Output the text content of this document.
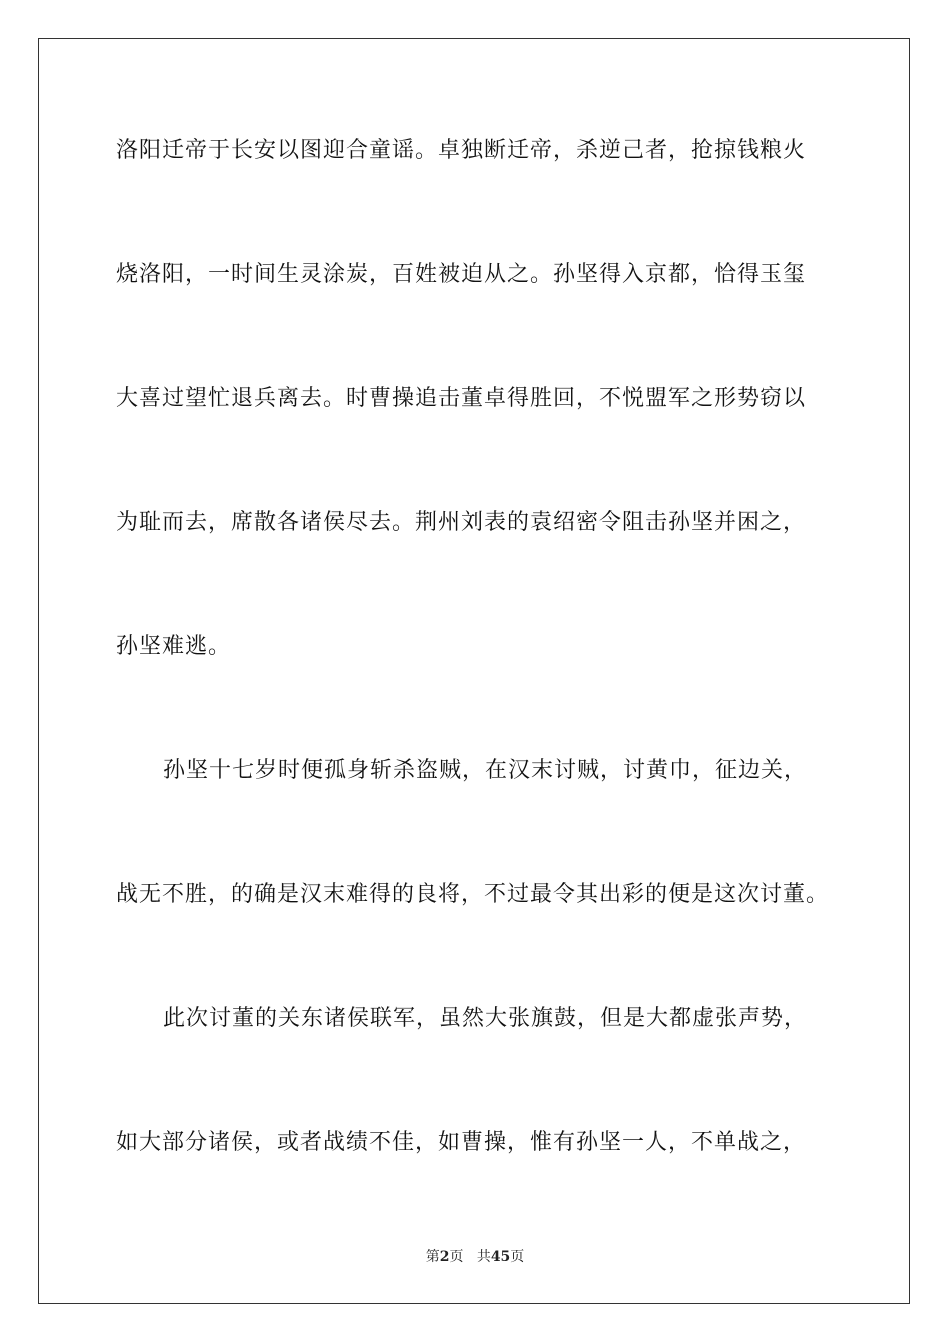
洛阳迁帝于长安以图迎合童谣。卓独断迁帝，杀逆己者，抢掠钱粮火
烧洛阳，一时间生灵涂炭，百姓被迫从之。孙坚得入京都，恰得玉玺
大喜过望忙退兵离去。时曹操追击董卓得胜回，不悦盟军之形势窃以
为耻而去，席散各诸侯尽去。荆州刘表的袁绍密令阻击孙坚并困之，
孙坚难逃。
孙坚十七岁时便孤身斩杀盗贼，在汉末讨贼，讨黄巾，征边关，
战无不胜，的确是汉末难得的良将，不过最令其出彩的便是这次讨董。
此次讨董的关东诸侯联军，虽然大张旗鼓，但是大都虚张声势，
如大部分诸侯，或者战绩不佳，如曹操，惟有孙坚一人，不单战之，
第2页 共45页
